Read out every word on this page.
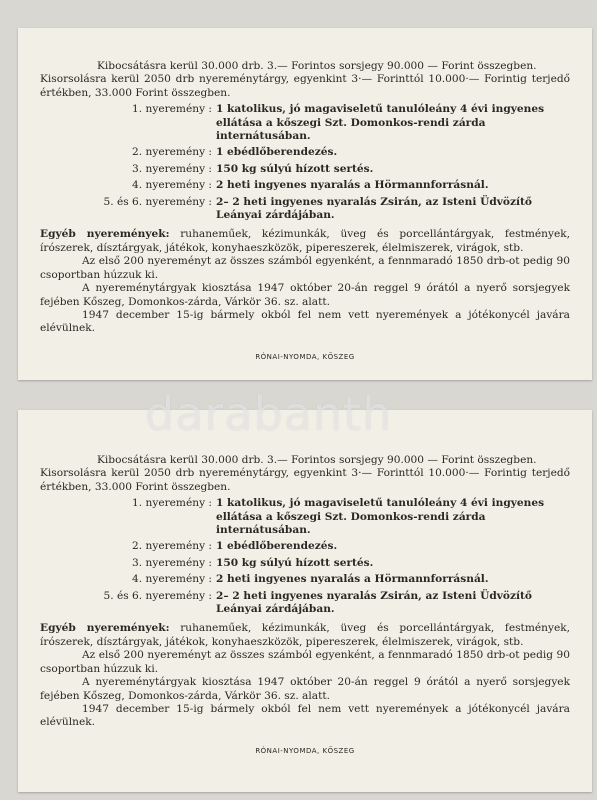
Kibocsátásra kerül 30.000 drb. 3.— Forintos sorsjegy 90.000 — Forint összegben.

Kisorsolásra kerül 2050 drb nyereménytárgy, egyenkint 3·— Forinttól 10.000·— Forintig terjedő értékben, 33.000 Forint összegben.

1. nyeremény : 1 katolikus, jó magaviseletű tanulóleány 4 évi ingyenes ellátása a kőszegi Szt. Domonkos-rendi zárda internátusában.
2. nyeremény : 1 ebédlőberendezés.
3. nyeremény : 150 kg súlyú hízott sertés.
4. nyeremény : 2 heti ingyenes nyaralás a Hörmannforrásnál.
5. és 6. nyeremény : 2– 2 heti ingyenes nyaralás Zsirán, az Isteni Üdvözítő Leányai zárdájában.

Egyéb nyeremények: ruhaneműek, kézimunkák, üveg és porcellántárgyak, festmények, írószerek, dísztárgyak, játékok, konyhaeszközök, pipereszerek, élelmiszerek, virágok, stb.

Az első 200 nyereményt az összes számból egyenként, a fennmaradó 1850 drb-ot pedig 90 csoportban húzzuk ki.

A nyereménytárgyak kiosztása 1947 október 20-án reggel 9 órától a nyerő sorsjegyek fejében Kőszeg, Domonkos-zárda, Várkör 36. sz. alatt.

1947 december 15-ig bármely okból fel nem vett nyeremények a jótékonycél javára elévülnek.

RÓNAI-NYOMDA, KŐSZEG

Kibocsátásra kerül 30.000 drb. 3.— Forintos sorsjegy 90.000 — Forint összegben.

Kisorsolásra kerül 2050 drb nyereménytárgy, egyenkint 3·— Forinttól 10.000·— Forintig terjedő értékben, 33.000 Forint összegben.

1. nyeremény : 1 katolikus, jó magaviseletű tanulóleány 4 évi ingyenes ellátása a kőszegi Szt. Domonkos-rendi zárda internátusában.
2. nyeremény : 1 ebédlőberendezés.
3. nyeremény : 150 kg súlyú hízott sertés.
4. nyeremény : 2 heti ingyenes nyaralás a Hörmannforrásnál.
5. és 6. nyeremény : 2– 2 heti ingyenes nyaralás Zsirán, az Isteni Üdvözítő Leányai zárdájában.

Egyéb nyeremények: ruhaneműek, kézimunkák, üveg és porcellántárgyak, festmények, írószerek, dísztárgyak, játékok, konyhaeszközök, pipereszerek, élelmiszerek, virágok, stb.

Az első 200 nyereményt az összes számból egyenként, a fennmaradó 1850 drb-ot pedig 90 csoportban húzzuk ki.

A nyereménytárgyak kiosztása 1947 október 20-án reggel 9 órától a nyerő sorsjegyek fejében Kőszeg, Domonkos-zárda, Várkör 36. sz. alatt.

1947 december 15-ig bármely okból fel nem vett nyeremények a jótékonycél javára elévülnek.

RÓNAI-NYOMDA, KŐSZEG
darabanth
